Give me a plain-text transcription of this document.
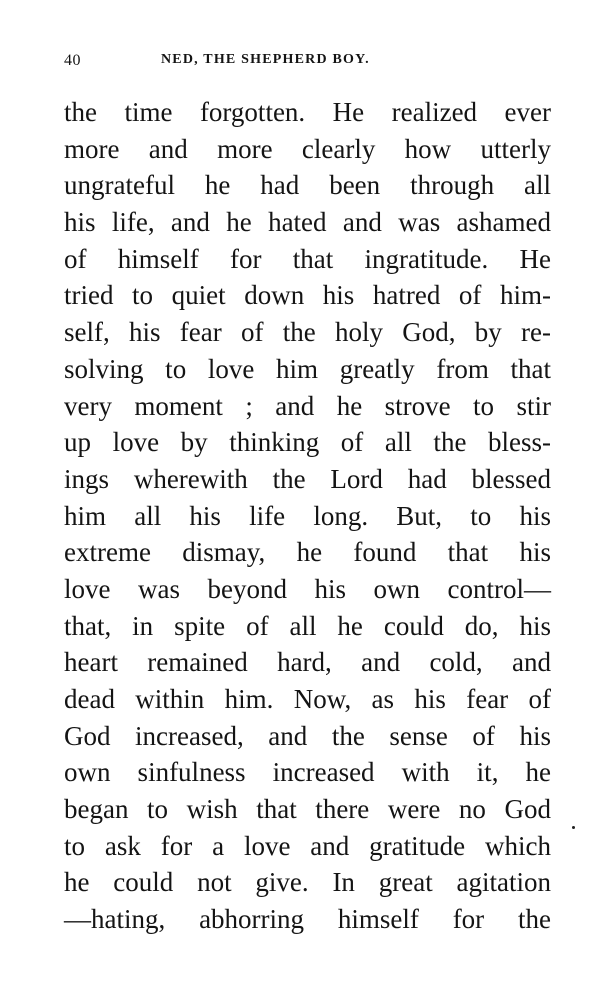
40	NED, THE SHEPHERD BOY.
the time forgotten. He realized ever
more and more clearly how utterly
ungrateful he had been through all
his life, and he hated and was ashamed
of himself for that ingratitude. He
tried to quiet down his hatred of him-
self, his fear of the holy God, by re-
solving to love him greatly from that
very moment ; and he strove to stir
up love by thinking of all the bless-
ings wherewith the Lord had blessed
him all his life long. But, to his
extreme dismay, he found that his
love was beyond his own control—
that, in spite of all he could do, his
heart remained hard, and cold, and
dead within him. Now, as his fear of
God increased, and the sense of his
own sinfulness increased with it, he
began to wish that there were no God
to ask for a love and gratitude which
he could not give. In great agitation
—hating, abhorring himself for the
